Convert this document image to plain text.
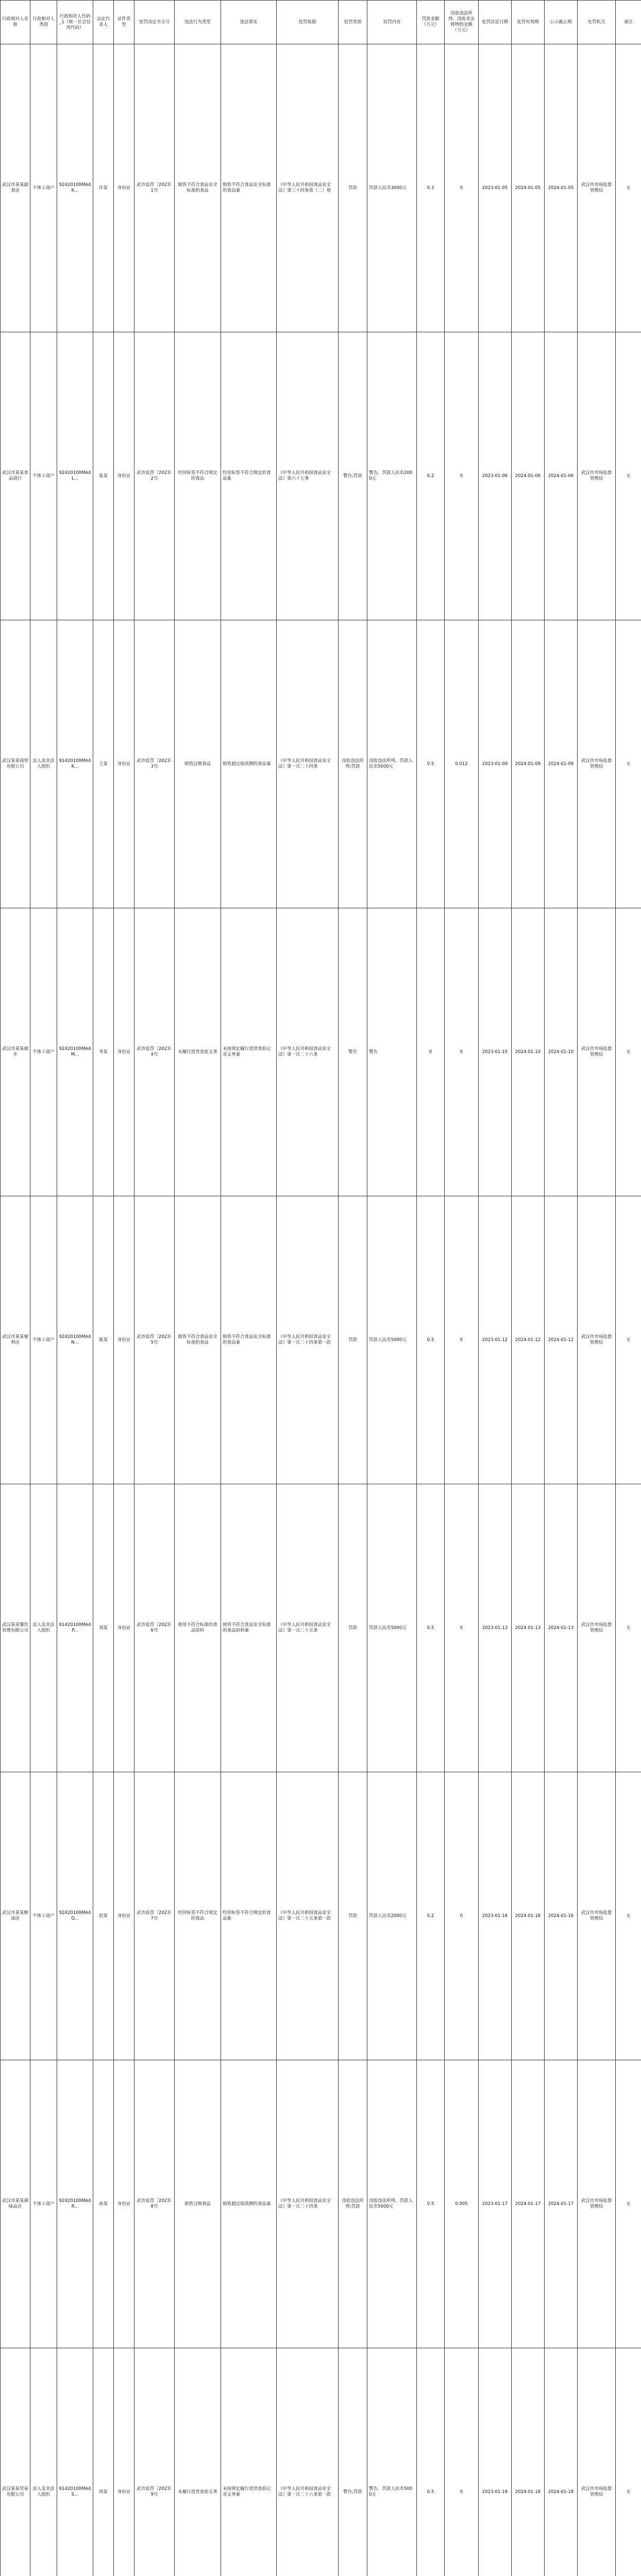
行政相对人名称	行政相对人类别	行政相对人代码_1（统一社会信用代码）	法定代表人	证件类型	处罚决定书文号	违法行为类型	违法事实	处罚依据	处罚类别	处罚内容	罚款金额（万元）	没收违法所得、没收非法财物的金额（万元）	处罚决定日期	处罚有效期	公示截止期	处罚机关	备注
武汉市某某副食店	个体工商户	92420100MA4K...	许某	身份证	武市监罚〔2023〕1号	销售不符合食品安全标准的食品	销售不符合食品安全标准的食品案	《中华人民共和国食品安全法》第三十四条第（二）项	罚款	罚款人民币3000元	0.3	0	2023-01-05	2024-01-05	2024-01-05	武汉市市场监督管理局	无
武汉市某某食品商行	个体工商户	92420100MA4L...	张某	身份证	武市监罚〔2023〕2号	经营标签不符合规定的食品	经营标签不符合规定的食品案	《中华人民共和国食品安全法》第六十七条	警告;罚款	警告，罚款人民币2000元	0.2	0	2023-01-06	2024-01-06	2024-01-06	武汉市市场监督管理局	无
武汉某某商贸有限公司	法人及非法人组织	91420100MA4K...	王某	身份证	武市监罚〔2023〕3号	销售过期食品	销售超过保质期的食品案	《中华人民共和国食品安全法》第一百二十四条	没收违法所得;罚款	没收违法所得，罚款人民币5000元	0.5	0.012	2023-01-09	2024-01-09	2024-01-09	武汉市市场监督管理局	无
武汉市某某超市	个体工商户	92420100MA4M...	李某	身份证	武市监罚〔2023〕4号	未履行进货查验义务	未按规定履行进货查验记录义务案	《中华人民共和国食品安全法》第一百二十六条	警告	警告	0	0	2023-01-10	2024-01-10	2024-01-10	武汉市市场监督管理局	无
武汉市某某便利店	个体工商户	92420100MA4N...	陈某	身份证	武市监罚〔2023〕5号	销售不符合食品安全标准的食品	销售不符合食品安全标准的食品案	《中华人民共和国食品安全法》第一百二十四条第一款	罚款	罚款人民币5000元	0.5	0	2023-01-12	2024-01-12	2024-01-12	武汉市市场监督管理局	无
武汉某某餐饮管理有限公司	法人及非法人组织	91420100MA4P...	刘某	身份证	武市监罚〔2023〕6号	使用不符合标准的食品原料	使用不符合食品安全标准的食品原料案	《中华人民共和国食品安全法》第一百二十五条	罚款	罚款人民币5000元	0.5	0	2023-01-13	2024-01-13	2024-01-13	武汉市市场监督管理局	无
武汉市某某粮油店	个体工商户	92420100MA4Q...	赵某	身份证	武市监罚〔2023〕7号	经营标签不符合规定的食品	经营标签不符合规定的食品案	《中华人民共和国食品安全法》第一百二十五条第一款	罚款	罚款人民币2000元	0.2	0	2023-01-16	2024-01-16	2024-01-16	武汉市市场监督管理局	无
武汉市某某调味品店	个体工商户	92420100MA4R...	孙某	身份证	武市监罚〔2023〕8号	销售过期食品	销售超过保质期的食品案	《中华人民共和国食品安全法》第一百二十四条	没收违法所得;罚款	没收违法所得，罚款人民币5000元	0.5	0.005	2023-01-17	2024-01-17	2024-01-17	武汉市市场监督管理局	无
武汉某某贸易有限公司	法人及非法人组织	91420100MA4S...	周某	身份证	武市监罚〔2023〕9号	未履行进货查验义务	未按规定履行进货查验记录义务案	《中华人民共和国食品安全法》第一百二十六条第一款	警告;罚款	警告，罚款人民币5000元	0.5	0	2023-01-18	2024-01-18	2024-01-18	武汉市市场监督管理局	无
